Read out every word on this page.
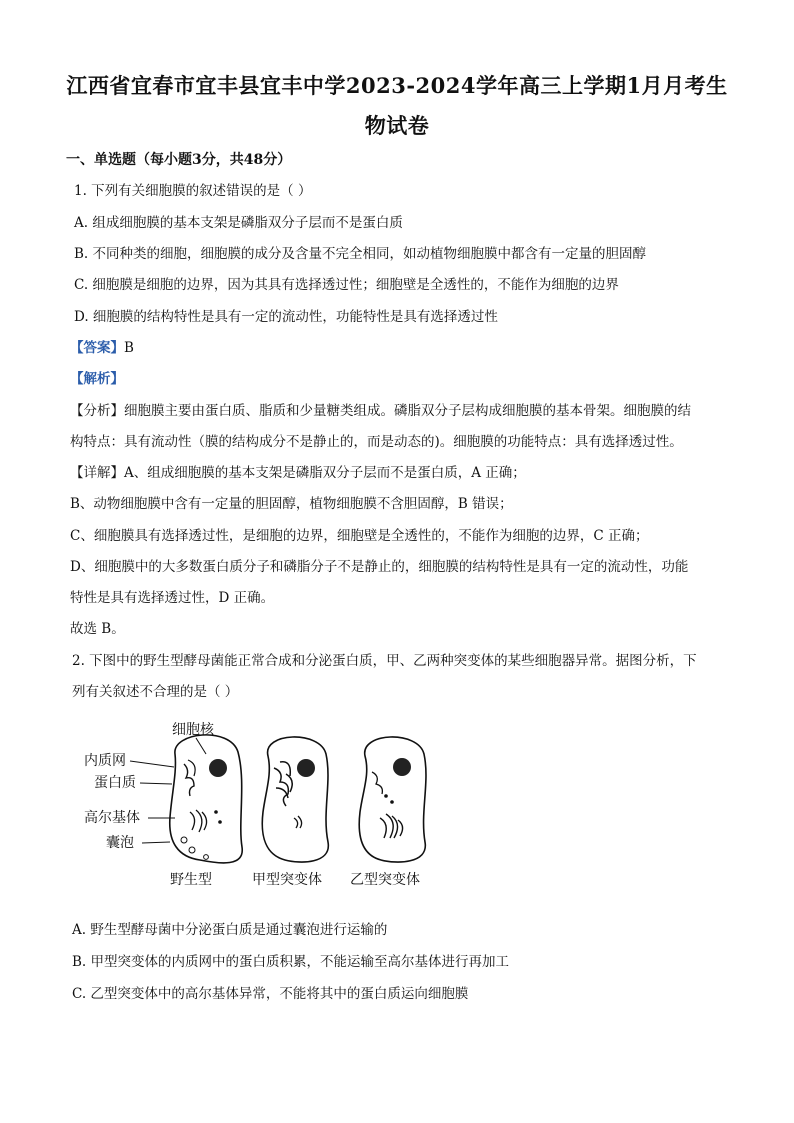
江西省宜春市宜丰县宜丰中学2023-2024学年高三上学期1月月考生
物试卷
一、单选题（每小题3分，共48分）
1. 下列有关细胞膜的叙述错误的是（ ）
A. 组成细胞膜的基本支架是磷脂双分子层而不是蛋白质
B. 不同种类的细胞，细胞膜的成分及含量不完全相同，如动植物细胞膜中都含有一定量的胆固醇
C. 细胞膜是细胞的边界，因为其具有选择透过性；细胞壁是全透性的，不能作为细胞的边界
D. 细胞膜的结构特性是具有一定的流动性，功能特性是具有选择透过性
【答案】B
【解析】
【分析】细胞膜主要由蛋白质、脂质和少量糖类组成。磷脂双分子层构成细胞膜的基本骨架。细胞膜的结
构特点：具有流动性（膜的结构成分不是静止的，而是动态的)。细胞膜的功能特点：具有选择透过性。
【详解】A、组成细胞膜的基本支架是磷脂双分子层而不是蛋白质，A 正确；
B、动物细胞膜中含有一定量的胆固醇，植物细胞膜不含胆固醇，B 错误；
C、细胞膜具有选择透过性，是细胞的边界，细胞壁是全透性的，不能作为细胞的边界，C 正确；
D、细胞膜中的大多数蛋白质分子和磷脂分子不是静止的，细胞膜的结构特性是具有一定的流动性，功能
特性是具有选择透过性，D 正确。
故选 B。
2. 下图中的野生型酵母菌能正常合成和分泌蛋白质，甲、乙两种突变体的某些细胞器异常。据图分析，下
列有关叙述不合理的是（ ）
细胞核
内质网
蛋白质
高尔基体
囊泡
野生型	甲型突变体 乙型突变体
A. 野生型酵母菌中分泌蛋白质是通过囊泡进行运输的
B. 甲型突变体的内质网中的蛋白质积累，不能运输至高尔基体进行再加工
C. 乙型突变体中的高尔基体异常，不能将其中的蛋白质运向细胞膜
